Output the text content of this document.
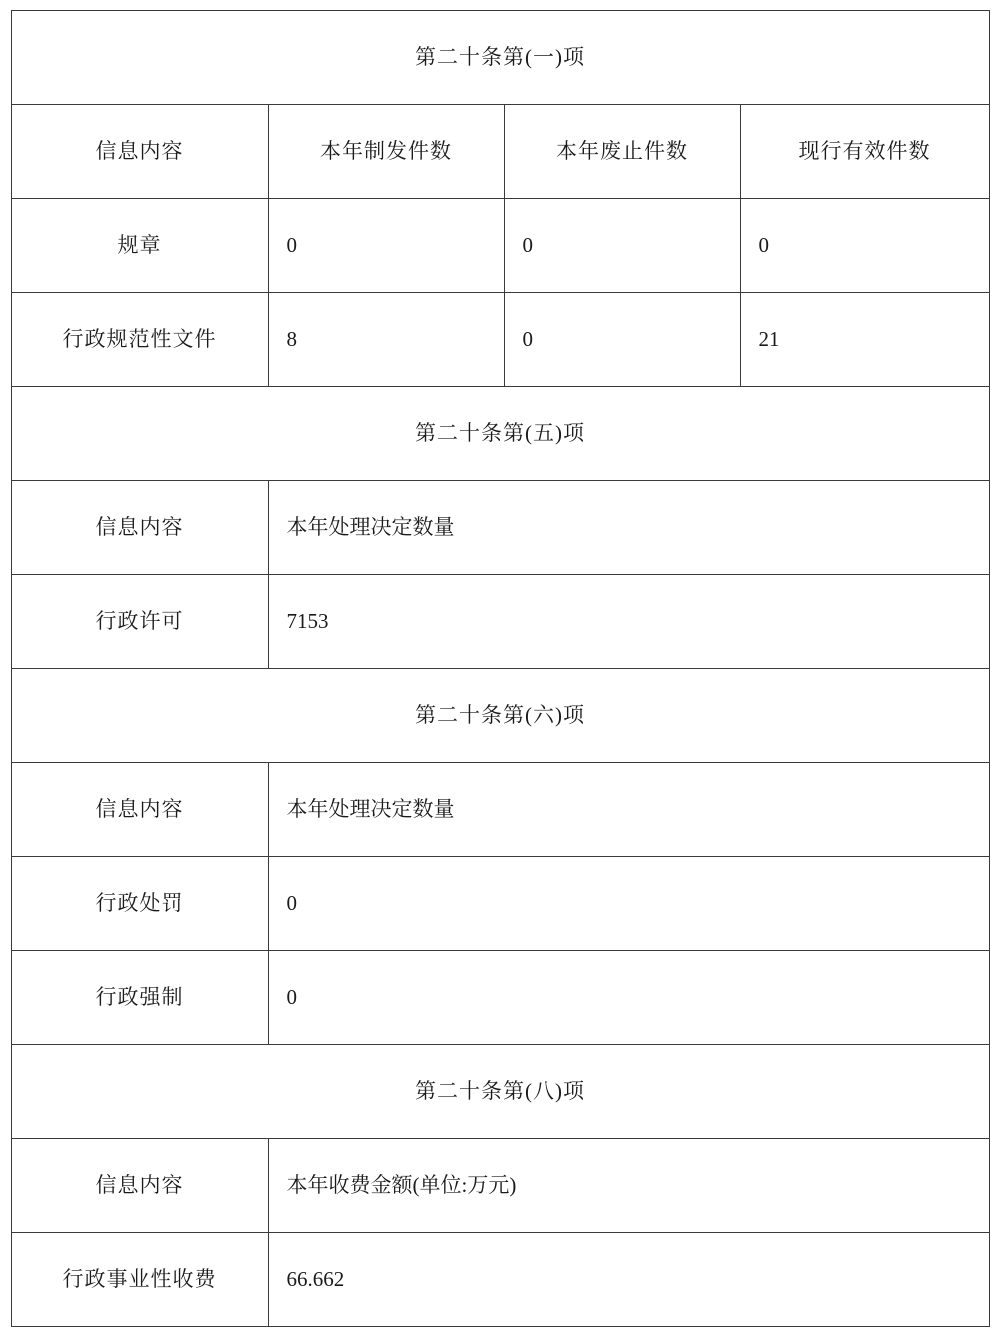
第二十条第(一)项			
信息内容	本年制发件数	本年废止件数	现行有效件数
规章	0	0	0
行政规范性文件	8	0	21
第二十条第(五)项			
信息内容	本年处理决定数量		
行政许可	7153		
第二十条第(六)项			
信息内容	本年处理决定数量		
行政处罚	0		
行政强制	0		
第二十条第(八)项			
信息内容	本年收费金额(单位:万元)		
行政事业性收费	66.662		
